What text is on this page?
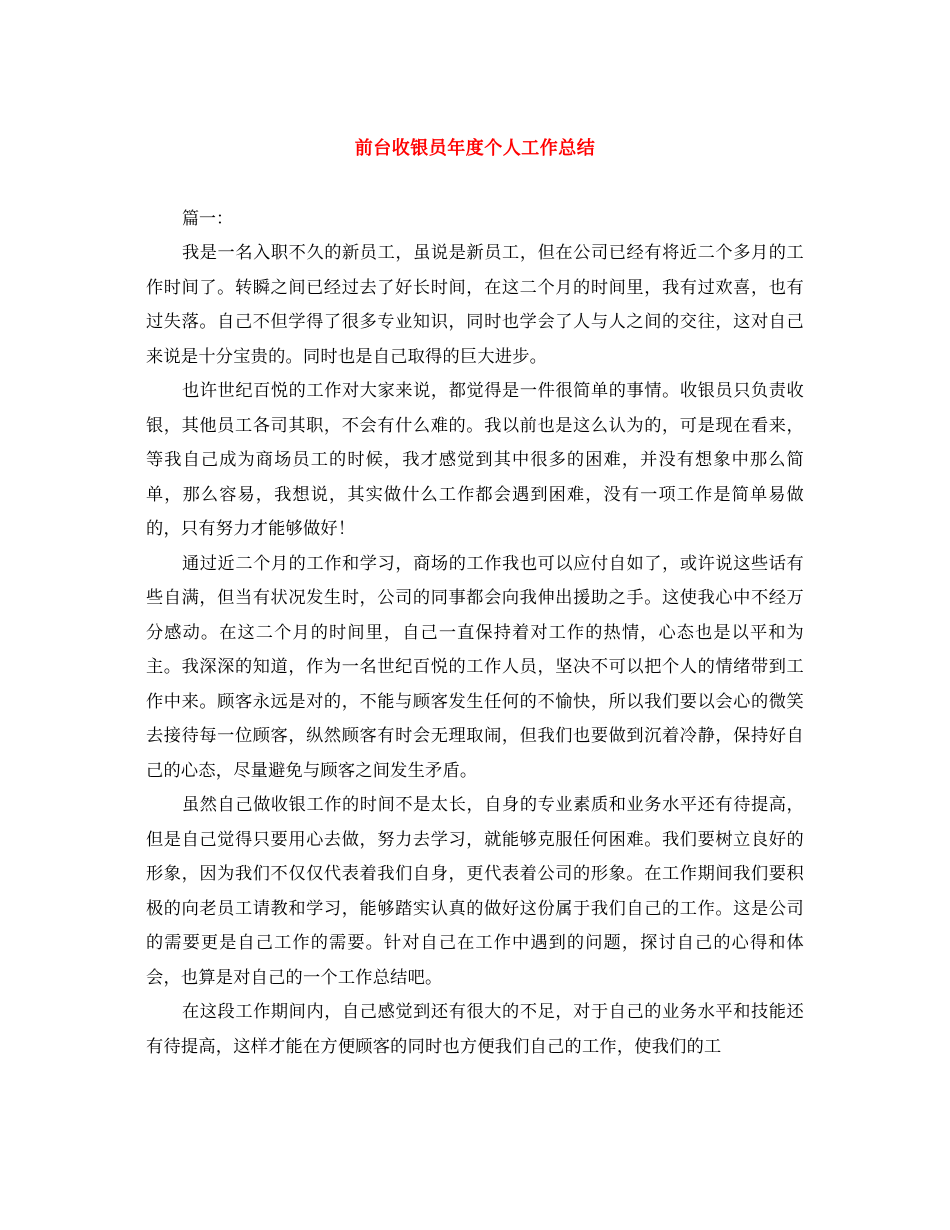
前台收银员年度个人工作总结

篇一：

我是一名入职不久的新员工，虽说是新员工，但在公司已经有将近二个多月的工作时间了。转瞬之间已经过去了好长时间，在这二个月的时间里，我有过欢喜，也有过失落。自己不但学得了很多专业知识，同时也学会了人与人之间的交往，这对自己来说是十分宝贵的。同时也是自己取得的巨大进步。

也许世纪百悦的工作对大家来说，都觉得是一件很简单的事情。收银员只负责收银，其他员工各司其职，不会有什么难的。我以前也是这么认为的，可是现在看来，等我自己成为商场员工的时候，我才感觉到其中很多的困难，并没有想象中那么简单，那么容易，我想说，其实做什么工作都会遇到困难，没有一项工作是简单易做的，只有努力才能够做好！

通过近二个月的工作和学习，商场的工作我也可以应付自如了，或许说这些话有些自满，但当有状况发生时，公司的同事都会向我伸出援助之手。这使我心中不经万分感动。在这二个月的时间里，自己一直保持着对工作的热情，心态也是以平和为主。我深深的知道，作为一名世纪百悦的工作人员，坚决不可以把个人的情绪带到工作中来。顾客永远是对的，不能与顾客发生任何的不愉快，所以我们要以会心的微笑去接待每一位顾客，纵然顾客有时会无理取闹，但我们也要做到沉着冷静，保持好自己的心态，尽量避免与顾客之间发生矛盾。

虽然自己做收银工作的时间不是太长，自身的专业素质和业务水平还有待提高，但是自己觉得只要用心去做，努力去学习，就能够克服任何困难。我们要树立良好的形象，因为我们不仅仅代表着我们自身，更代表着公司的形象。在工作期间我们要积极的向老员工请教和学习，能够踏实认真的做好这份属于我们自己的工作。这是公司的需要更是自己工作的需要。针对自己在工作中遇到的问题，探讨自己的心得和体会，也算是对自己的一个工作总结吧。

在这段工作期间内，自己感觉到还有很大的不足，对于自己的业务水平和技能还有待提高，这样才能在方便顾客的同时也方便我们自己的工作，使我们的工
